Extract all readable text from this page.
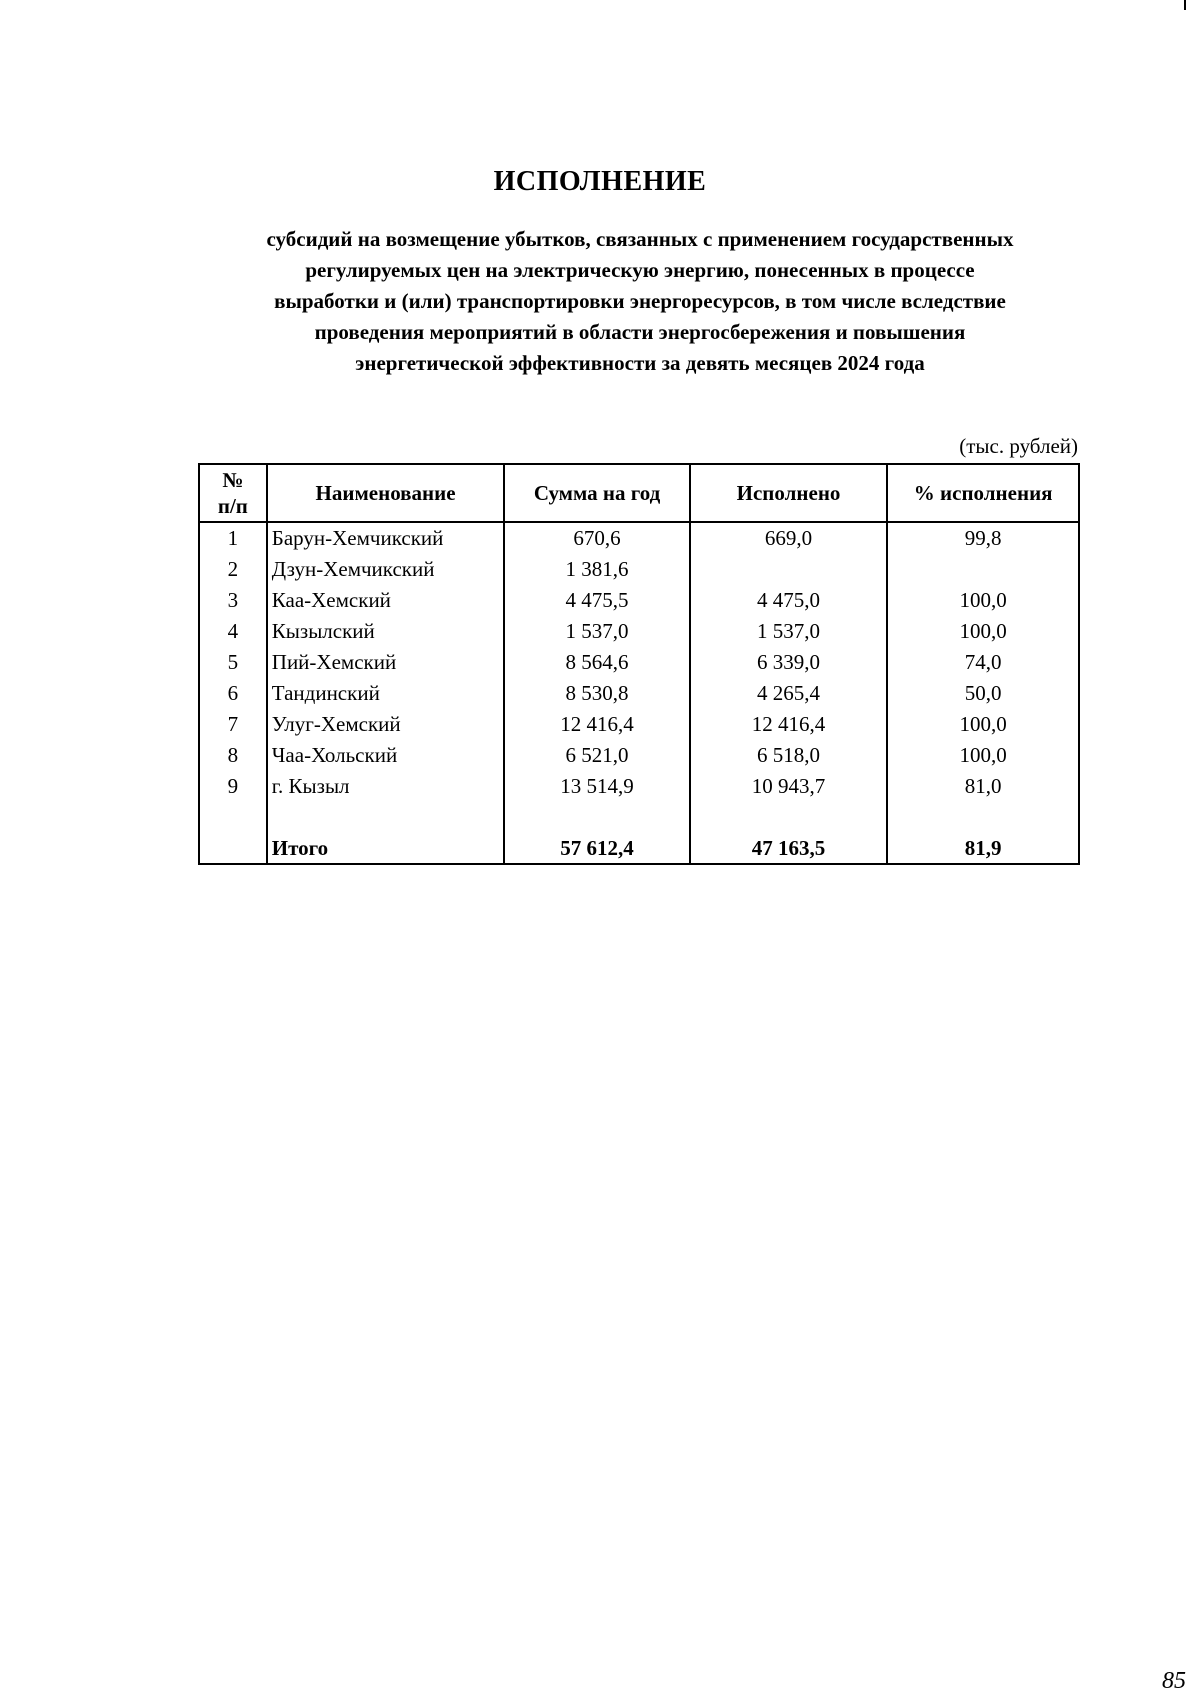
ИСПОЛНЕНИЕ
субсидий на возмещение убытков, связанных с применением государственных
регулируемых цен на электрическую энергию, понесенных в процессе
выработки и (или) транспортировки энергоресурсов, в том числе вследствие
проведения мероприятий в области энергосбережения и повышения
энергетической эффективности за девять месяцев 2024 года
(тыс. рублей)
№
п/п	Наименование	Сумма на год	Исполнено	% исполнения
1	Барун-Хемчикский	670,6	669,0	99,8
2	Дзун-Хемчикский	1 381,6		
3	Каа-Хемский	4 475,5	4 475,0	100,0
4	Кызылский	1 537,0	1 537,0	100,0
5	Пий-Хемский	8 564,6	6 339,0	74,0
6	Тандинский	8 530,8	4 265,4	50,0
7	Улуг-Хемский	12 416,4	12 416,4	100,0
8	Чаа-Хольский	6 521,0	6 518,0	100,0
9	г. Кызыл	13 514,9	10 943,7	81,0

	Итого	57 612,4	47 163,5	81,9
85
